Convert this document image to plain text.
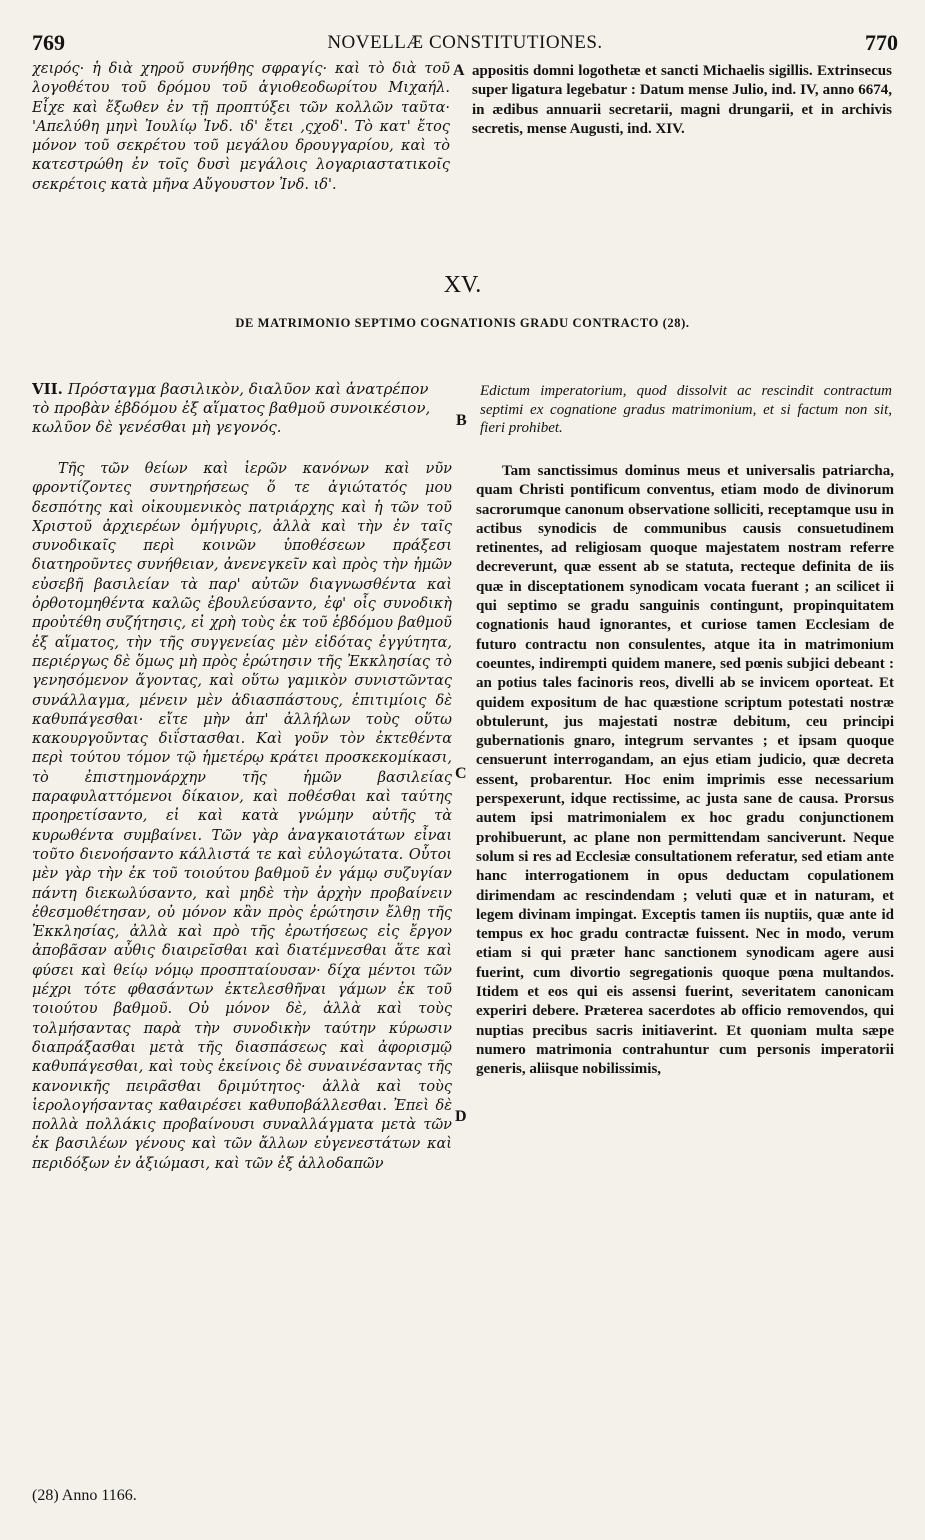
769	NOVELLÆ CONSTITUTIONES.	770

χειρός· ἡ διὰ χηροῦ συνήθης σφραγίς· καὶ τὸ διὰ τοῦ λογοθέτου τοῦ δρόμου τοῦ ἁγιοθεοδωρίτου Μιχαήλ. Εἶχε καὶ ἔξωθεν ἐν τῇ προπτύξει τῶν κολλῶν ταῦτα· 'Απελύθη μηνὶ Ἰουλίῳ Ἰνδ. ιδ' ἔτει ,ςχοδ'. Τὸ κατ' ἔτος μόνον τοῦ σεκρέτου τοῦ μεγάλου δρουγγαρίου, καὶ τὸ κατεστρώθη ἐν τοῖς δυσὶ μεγάλοις λογαριαστατικοῖς σεκρέτοις κατὰ μῆνα Αὔγουστον Ἰνδ. ιδ'.

A appositis domni logothetæ et sancti Michaelis sigillis. Extrinsecus super ligatura legebatur : Datum mense Julio, ind. IV, anno 6674, in ædibus annuarii secretarii, magni drungarii, et in archivis secretis, mense Augusti, ind. XIV.

XV.
DE MATRIMONIO SEPTIMO COGNATIONIS GRADU CONTRACTO (28).
VII. Πρόσταγμα βασιλικὸν, διαλῦον καὶ ἀνατρέπον τὸ προβὰν ἑβδόμου ἐξ αἵματος βαθμοῦ συνοικέσιον, κωλῦον δὲ γενέσθαι μὴ γεγονός.	B
Edictum imperatorium, quod dissolvit ac rescindit contractum septimi ex cognatione gradus matrimonium, et si factum non sit, fieri prohibet.

Τῆς τῶν θείων καὶ ἱερῶν κανόνων καὶ νῦν φροντίζοντες συντηρήσεως ὅ τε ἁγιώτατός μου δεσπότης καὶ οἰκουμενικὸς πατριάρχης καὶ ἡ τῶν τοῦ Χριστοῦ ἀρχιερέων ὁμήγυρις, ἀλλὰ καὶ τὴν ἐν ταῖς συνοδικαῖς περὶ κοινῶν ὑποθέσεων πράξεσι διατηροῦντες συνήθειαν, ἀνενεγκεῖν καὶ πρὸς τὴν ἡμῶν εὐσεβῆ βασιλείαν τὰ παρ' αὐτῶν διαγνωσθέντα καὶ ὀρθοτομηθέντα καλῶς ἐβουλεύσαντο, ἐφ' οἷς συνοδικὴ προὐτέθη συζήτησις, εἰ χρὴ τοὺς ἐκ τοῦ ἑβδόμου βαθμοῦ ἐξ αἵματος, τὴν τῆς συγγενείας μὲν εἰδότας ἐγγύτητα, περιέργως δὲ ὅμως μὴ πρὸς ἐρώτησιν τῆς Ἐκκλησίας τὸ γενησόμενον ἄγοντας, καὶ οὕτω γαμικὸν συνιστῶντας συνάλλαγμα, μένειν μὲν ἀδιασπάστους, ἐπιτιμίοις δὲ καθυπάγεσθαι· εἴτε μὴν ἀπ' ἀλλήλων τοὺς οὕτω κακουργοῦντας διΐστασθαι. Καὶ γοῦν τὸν ἐκτεθέντα περὶ τούτου τόμον τῷ ἡμετέρῳ κράτει προσκεκομίκασι, τὸ ἐπιστημονάρχην τῆς ἡμῶν βασιλείας παραφυλαττόμενοι δίκαιον, καὶ ποθέσθαι καὶ ταύτης προηρετίσαντο, εἰ καὶ κατὰ γνώμην αὐτῆς τὰ κυρωθέντα συμβαίνει. Τῶν γὰρ ἀναγκαιοτάτων εἶναι τοῦτο διενοήσαντο κάλλιστά τε καὶ εὐλογώτατα. Οὗτοι μὲν γὰρ τὴν ἐκ τοῦ τοιούτου βαθμοῦ ἐν γάμῳ συζυγίαν πάντη διεκωλύσαντο, καὶ μηδὲ τὴν ἀρχὴν προβαίνειν ἐθεσμοθέτησαν, οὐ μόνον κἂν πρὸς ἐρώτησιν ἔλθῃ τῆς Ἐκκλησίας, ἀλλὰ καὶ πρὸ τῆς ἐρωτήσεως εἰς ἔργον ἀποβᾶσαν αὖθις διαιρεῖσθαι καὶ διατέμνεσθαι ἅτε καὶ φύσει καὶ θείῳ νόμῳ προσπταίουσαν· δίχα μέντοι τῶν μέχρι τότε φθασάντων ἐκτελεσθῆναι γάμων ἐκ τοῦ τοιούτου βαθμοῦ. Οὐ μόνον δὲ, ἀλλὰ καὶ τοὺς τολμήσαντας παρὰ τὴν συνοδικὴν ταύτην κύρωσιν διαπράξασθαι μετὰ τῆς διασπάσεως καὶ ἀφορισμῷ καθυπάγεσθαι, καὶ τοὺς ἐκείνοις δὲ συναινέσαντας τῆς κανονικῆς πειρᾶσθαι δριμύτητος· ἀλλὰ καὶ τοὺς ἱερολογήσαντας καθαιρέσει καθυποβάλλεσθαι. Ἐπεὶ δὲ πολλὰ πολλάκις προβαίνουσι συναλλάγματα μετὰ τῶν ἐκ βασιλέων γένους καὶ τῶν ἄλλων εὐγενεστάτων καὶ περιδόξων ἐν ἀξιώμασι, καὶ τῶν ἐξ ἀλλοδαπῶν

C
D

Tam sanctissimus dominus meus et universalis patriarcha, quam Christi pontificum conventus, etiam modo de divinorum sacrorumque canonum observatione solliciti, receptamque usu in actibus synodicis de communibus causis consuetudinem retinentes, ad religiosam quoque majestatem nostram referre decreverunt, quæ essent ab se statuta, recteque definita de iis quæ in disceptationem synodicam vocata fuerant ; an scilicet ii qui septimo se gradu sanguinis contingunt, propinquitatem cognationis haud ignorantes, et curiose tamen Ecclesiam de futuro contractu non consulentes, atque ita in matrimonium coeuntes, indirempti quidem manere, sed pœnis subjici debeant : an potius tales facinoris reos, divelli ab se invicem oporteat. Et quidem expositum de hac quæstione scriptum potestati nostræ obtulerunt, jus majestati nostræ debitum, ceu principi gubernationis gnaro, integrum servantes ; et ipsam quoque censuerunt interrogandam, an ejus etiam judicio, quæ decreta essent, probarentur. Hoc enim imprimis esse necessarium perspexerunt, idque rectissime, ac justa sane de causa. Prorsus autem ipsi matrimonialem ex hoc gradu conjunctionem prohibuerunt, ac plane non permittendam sanciverunt. Neque solum si res ad Ecclesiæ consultationem referatur, sed etiam ante hanc interrogationem in opus deductam copulationem dirimendam ac rescindendam ; veluti quæ et in naturam, et legem divinam impingat. Exceptis tamen iis nuptiis, quæ ante id tempus ex hoc gradu contractæ fuissent. Nec in modo, verum etiam si qui præter hanc sanctionem synodicam agere ausi fuerint, cum divortio segregationis quoque pœna multandos. Itidem et eos qui eis assensi fuerint, severitatem canonicam experiri debere. Præterea sacerdotes ab officio removendos, qui nuptias precibus sacris initiaverint. Et quoniam multa sæpe numero matrimonia contrahuntur cum personis imperatorii generis, aliisque nobilissimis,

(28) Anno 1166.
